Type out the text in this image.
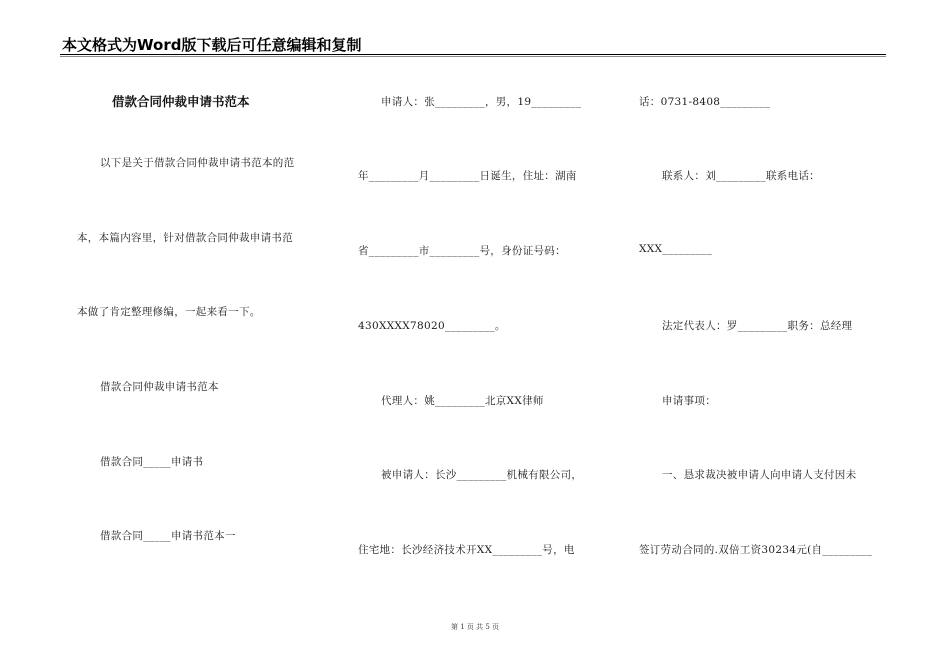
本文格式为Word版下载后可任意编辑和复制
借款合同仲裁申请书范本
以下是关于借款合同仲裁申请书范本的范
本，本篇内容里，针对借款合同仲裁申请书范
本做了肯定整理修编，一起来看一下。
借款合同仲裁申请书范本
借款合同_____申请书
借款合同_____申请书范本一
申请人：张_________，男，19_________
年_________月_________日诞生，住址：湖南
省_________市_________号，身份证号码：
430XXXX78020_________。
代理人：姚_________北京XX律师
被申请人：长沙_________机械有限公司，
住宅地：长沙经济技术开XX_________号，电
话：0731-8408_________
联系人：刘_________联系电话：
XXX_________
法定代表人：罗_________职务：总经理
申请事项：
一、恳求裁决被申请人向申请人支付因未
签订劳动合同的.双倍工资30234元(自_________
第 1 页 共 5 页
